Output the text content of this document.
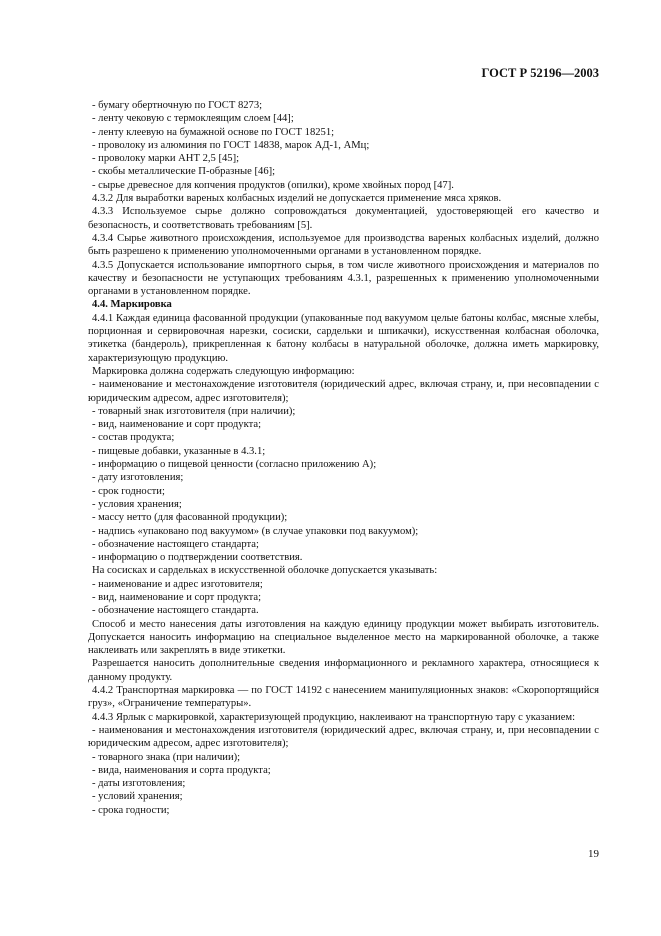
ГОСТ Р 52196—2003

- бумагу обертночную по ГОСТ 8273;

- ленту чековую с термоклеящим слоем [44];

- ленту клеевую на бумажной основе по ГОСТ 18251;

- проволоку из алюминия по ГОСТ 14838, марок АД-1, АМц;

- проволоку марки АНТ 2,5 [45];

- скобы металлические П-образные [46];

- сырье древесное для копчения продуктов (опилки), кроме хвойных пород [47].

4.3.2 Для выработки вареных колбасных изделий не допускается применение мяса хряков.

4.3.3 Используемое сырье должно сопровождаться документацией, удостоверяющей его качество и безопасность, и соответствовать требованиям [5].

4.3.4 Сырье животного происхождения, используемое для производства вареных колбасных изделий, должно быть разрешено к применению уполномоченными органами в установленном порядке.

4.3.5 Допускается использование импортного сырья, в том числе животного происхождения и материалов по качеству и безопасности не уступающих требованиям 4.3.1, разрешенных к применению уполномоченными органами в установленном порядке.

4.4. Маркировка

4.4.1 Каждая единица фасованной продукции (упакованные под вакуумом целые батоны колбас, мясные хлебы, порционная и сервировочная нарезки, сосиски, сардельки и шпикачки), искусственная колбасная оболочка, этикетка (бандероль), прикрепленная к батону колбасы в натуральной оболочке, должна иметь маркировку, характеризующую продукцию.

Маркировка должна содержать следующую информацию:

- наименование и местонахождение изготовителя (юридический адрес, включая страну, и, при несовпадении с юридическим адресом, адрес изготовителя);

- товарный знак изготовителя (при наличии);

- вид, наименование и сорт продукта;

- состав продукта;

- пищевые добавки, указанные в 4.3.1;

- информацию о пищевой ценности (согласно приложению А);

- дату изготовления;

- срок годности;

- условия хранения;

- массу нетто (для фасованной продукции);

- надпись «упаковано под вакуумом» (в случае упаковки под вакуумом);

- обозначение настоящего стандарта;

- информацию о подтверждении соответствия.

На сосисках и сардельках в искусственной оболочке допускается указывать:

- наименование и адрес изготовителя;

- вид, наименование и сорт продукта;

- обозначение настоящего стандарта.

Способ и место нанесения даты изготовления на каждую единицу продукции может выбирать изготовитель. Допускается наносить информацию на специальное выделенное место на маркированной оболочке, а также наклеивать или закреплять в виде этикетки.

Разрешается наносить дополнительные сведения информационного и рекламного характера, относящиеся к данному продукту.

4.4.2 Транспортная маркировка — по ГОСТ 14192 с нанесением манипуляционных знаков: «Скоропортящийся груз», «Ограничение температуры».

4.4.3 Ярлык с маркировкой, характеризующей продукцию, наклеивают на транспортную тару с указанием:

- наименования и местонахождения изготовителя (юридический адрес, включая страну, и, при несовпадении с юридическим адресом, адрес изготовителя);

- товарного знака (при наличии);

- вида, наименования и сорта продукта;

- даты изготовления;

- условий хранения;

- срока годности;

19
